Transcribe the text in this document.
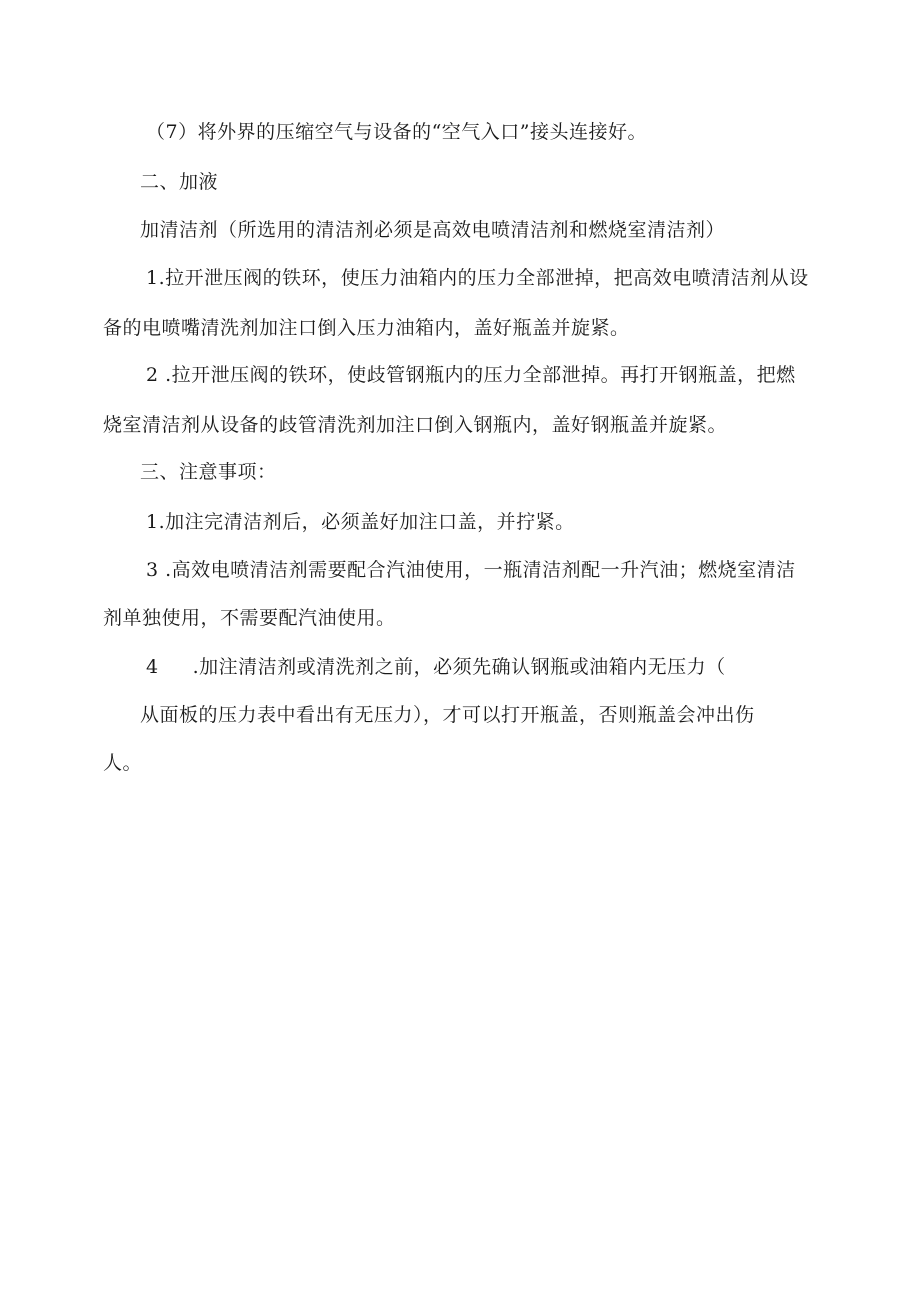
（7）将外界的压缩空气与设备的“空气入口”接头连接好。
二、加液
加清洁剂（所选用的清洁剂必须是高效电喷清洁剂和燃烧室清洁剂）
1.拉开泄压阀的铁环，使压力油箱内的压力全部泄掉，把高效电喷清洁剂从设
备的电喷嘴清洗剂加注口倒入压力油箱内，盖好瓶盖并旋紧。
2 .拉开泄压阀的铁环，使歧管钢瓶内的压力全部泄掉。再打开钢瓶盖，把燃
烧室清洁剂从设备的歧管清洗剂加注口倒入钢瓶内，盖好钢瓶盖并旋紧。
三、注意事项：
1.加注完清洁剂后，必须盖好加注口盖，并拧紧。
3 .高效电喷清洁剂需要配合汽油使用，一瓶清洁剂配一升汽油；燃烧室清洁
剂单独使用，不需要配汽油使用。
4 .加注清洁剂或清洗剂之前，必须先确认钢瓶或油箱内无压力（
从面板的压力表中看出有无压力），才可以打开瓶盖，否则瓶盖会冲出伤
人。
